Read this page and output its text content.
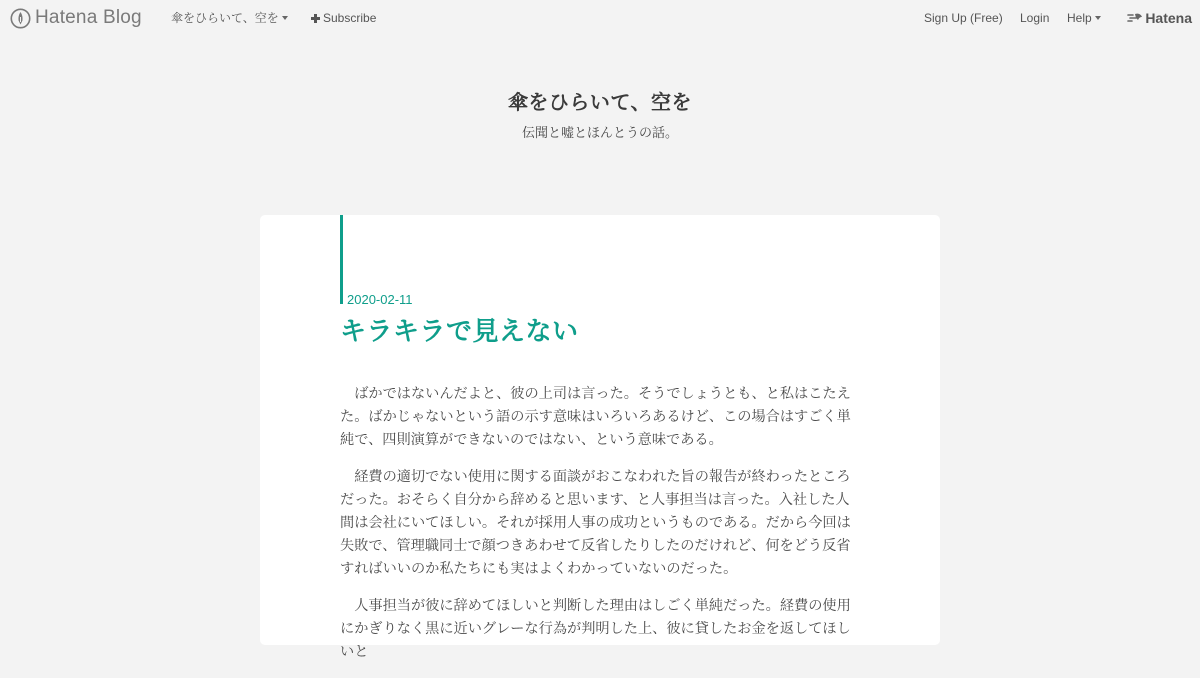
Hatena Blog 傘をひらいて、空を	Subscribe	Sign Up (Free) Login Help	Hatena
傘をひらいて、空を
伝聞と嘘とほんとうの話。
2020-02-11
キラキラで見えない

ばかではないんだよと、彼の上司は言った。そうでしょうとも、と私はこたえた。ばかじゃないという語の示す意味はいろいろあるけど、この場合はすごく単純で、四則演算ができないのではない、という意味である。

経費の適切でない使用に関する面談がおこなわれた旨の報告が終わったところだった。おそらく自分から辞めると思います、と人事担当は言った。入社した人間は会社にいてほしい。それが採用人事の成功というものである。だから今回は失敗で、管理職同士で顔つきあわせて反省したりしたのだけれど、何をどう反省すればいいのか私たちにも実はよくわかっていないのだった。

人事担当が彼に辞めてほしいと判断した理由はしごく単純だった。経費の使用にかぎりなく黒に近いグレーな行為が判明した上、彼に貸したお金を返してほしいと
